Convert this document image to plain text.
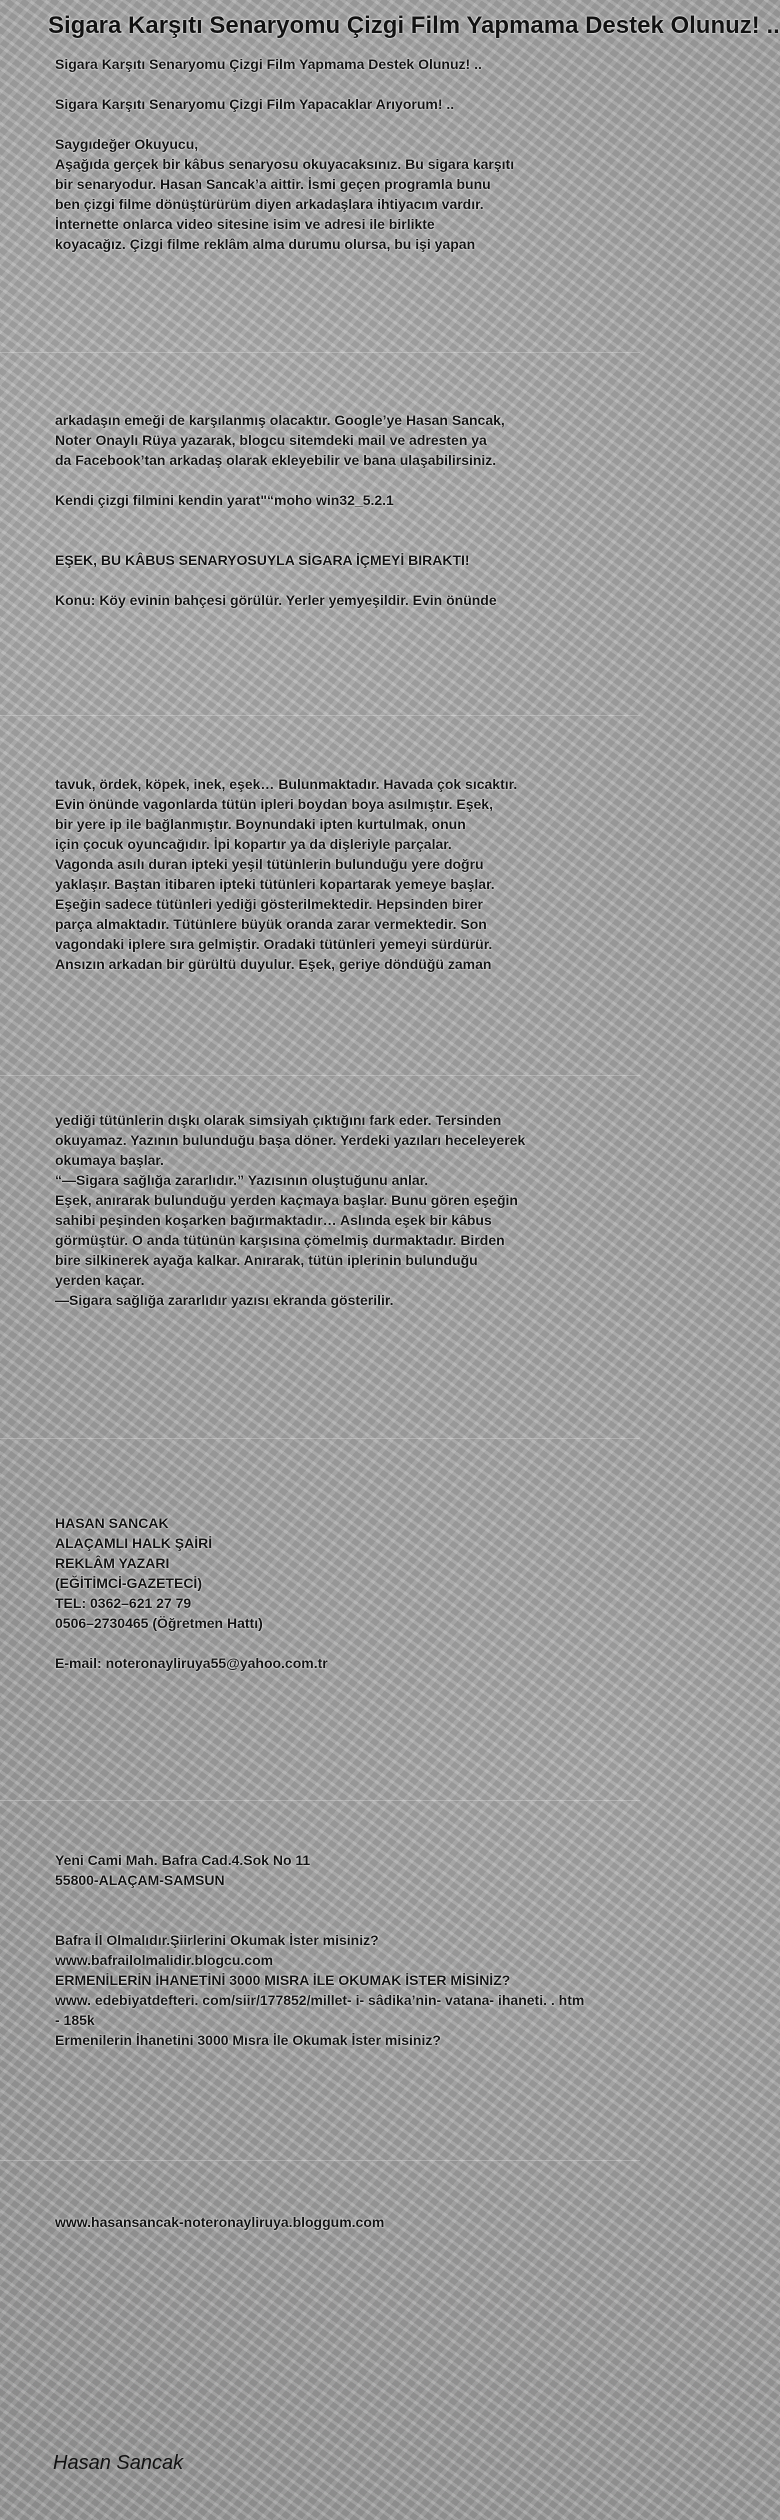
Sigara Karşıtı Senaryomu Çizgi Film Yapmama Destek Olunuz! ..
Sigara Karşıtı Senaryomu Çizgi Film Yapmama Destek Olunuz! ..
Sigara Karşıtı Senaryomu Çizgi Film Yapacaklar Arıyorum! ..
Saygıdeğer Okuyucu,
Aşağıda gerçek bir kâbus senaryosu okuyacaksınız. Bu sigara karşıtı
bir senaryodur. Hasan Sancak’a aittir. İsmi geçen programla bunu
ben çizgi filme dönüştürürüm diyen arkadaşlara ihtiyacım vardır.
İnternette onlarca video sitesine isim ve adresi ile birlikte
koyacağız. Çizgi filme reklâm alma durumu olursa, bu işi yapan
arkadaşın emeği de karşılanmış olacaktır. Google’ye Hasan Sancak,
Noter Onaylı Rüya yazarak, blogcu sitemdeki mail ve adresten ya
da Facebook’tan arkadaş olarak ekleyebilir ve bana ulaşabilirsiniz.
Kendi çizgi filmini kendin yarat"“moho win32_5.2.1
EŞEK, BU KÂBUS SENARYOSUYLA SİGARA İÇMEYİ BIRAKTI!
Konu: Köy evinin bahçesi görülür. Yerler yemyeşildir. Evin önünde
tavuk, ördek, köpek, inek, eşek… Bulunmaktadır. Havada çok sıcaktır.
Evin önünde vagonlarda tütün ipleri boydan boya asılmıştır. Eşek,
bir yere ip ile bağlanmıştır. Boynundaki ipten kurtulmak, onun
için çocuk oyuncağıdır. İpi kopartır ya da dişleriyle parçalar.
Vagonda asılı duran ipteki yeşil tütünlerin bulunduğu yere doğru
yaklaşır. Baştan itibaren ipteki tütünleri kopartarak yemeye başlar.
Eşeğin sadece tütünleri yediği gösterilmektedir. Hepsinden birer
parça almaktadır. Tütünlere büyük oranda zarar vermektedir. Son
vagondaki iplere sıra gelmiştir. Oradaki tütünleri yemeyi sürdürür.
Ansızın arkadan bir gürültü duyulur. Eşek, geriye döndüğü zaman
yediği tütünlerin dışkı olarak simsiyah çıktığını fark eder. Tersinden
okuyamaz. Yazının bulunduğu başa döner. Yerdeki yazıları heceleyerek
okumaya başlar.
“—Sigara sağlığa zararlıdır.” Yazısının oluştuğunu anlar.
Eşek, anırarak bulunduğu yerden kaçmaya başlar. Bunu gören eşeğin
sahibi peşinden koşarken bağırmaktadır… Aslında eşek bir kâbus
görmüştür. O anda tütünün karşısına çömelmiş durmaktadır. Birden
bire silkinerek ayağa kalkar. Anırarak, tütün iplerinin bulunduğu
yerden kaçar.
—Sigara sağlığa zararlıdır yazısı ekranda gösterilir.
HASAN SANCAK
ALAÇAMLI HALK ŞAİRİ
REKLÂM YAZARI
(EĞİTİMCİ-GAZETECİ)
TEL: 0362–621 27 79
0506–2730465 (Öğretmen Hattı)
E-mail: noteronayliruya55@yahoo.com.tr
Yeni Cami Mah. Bafra Cad.4.Sok No 11
55800-ALAÇAM-SAMSUN
Bafra İl Olmalıdır.Şiirlerini Okumak İster misiniz?
www.bafrailolmalidir.blogcu.com
ERMENİLERİN İHANETİNİ 3000 MISRA İLE OKUMAK İSTER MİSİNİZ?
www. edebiyatdefteri. com/siir/177852/millet- i- sâdika’nin- vatana- ihaneti. . htm
- 185k
Ermenilerin İhanetini 3000 Mısra İle Okumak İster misiniz?
www.hasansancak-noteronayliruya.bloggum.com
Hasan Sancak
